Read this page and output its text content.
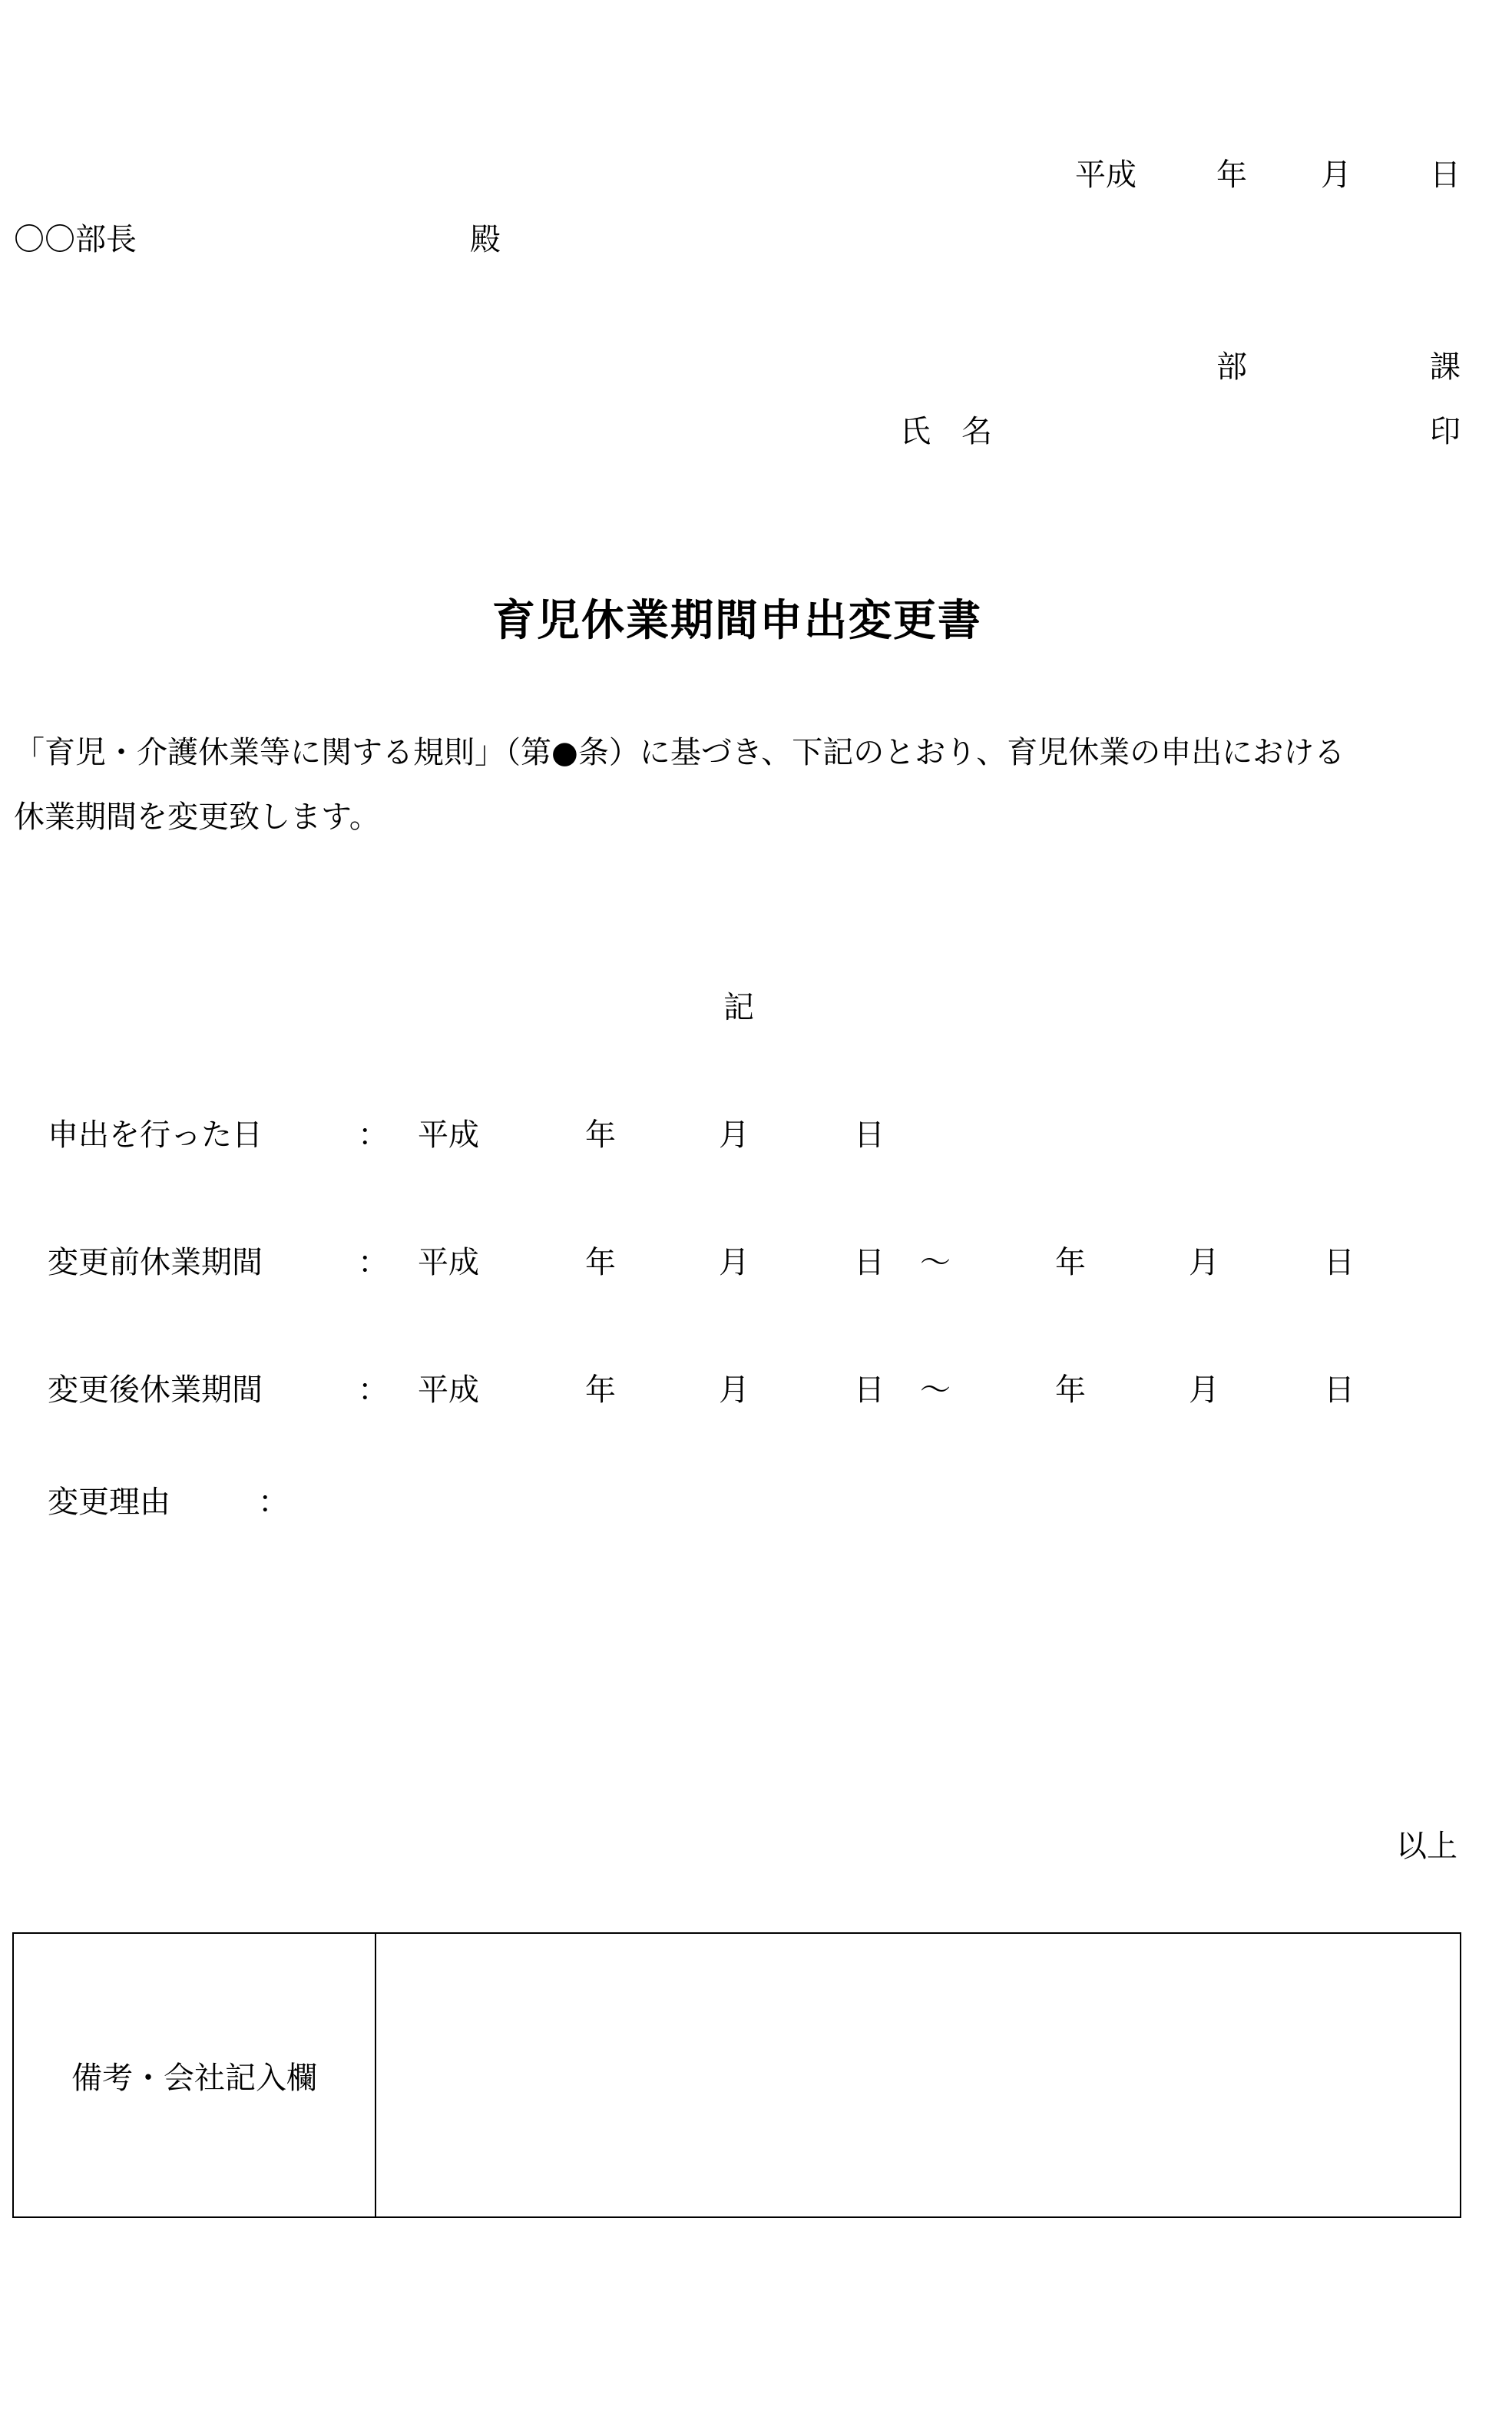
平成	年 月	日
〇〇部長	殿
部	課
氏　名	印
育児休業期間申出変更書
「育児・介護休業等に関する規則」（第●条）に基づき、下記のとおり、育児休業の申出における
休業期間を変更致します。
記
申出を行った日	： 平成	年	月	日
変更前休業期間	： 平成	年	月	日 〜	年	月	日
変更後休業期間	： 平成	年	月	日 〜	年	月	日
変更理由	：
以上
備考・会社記入欄
